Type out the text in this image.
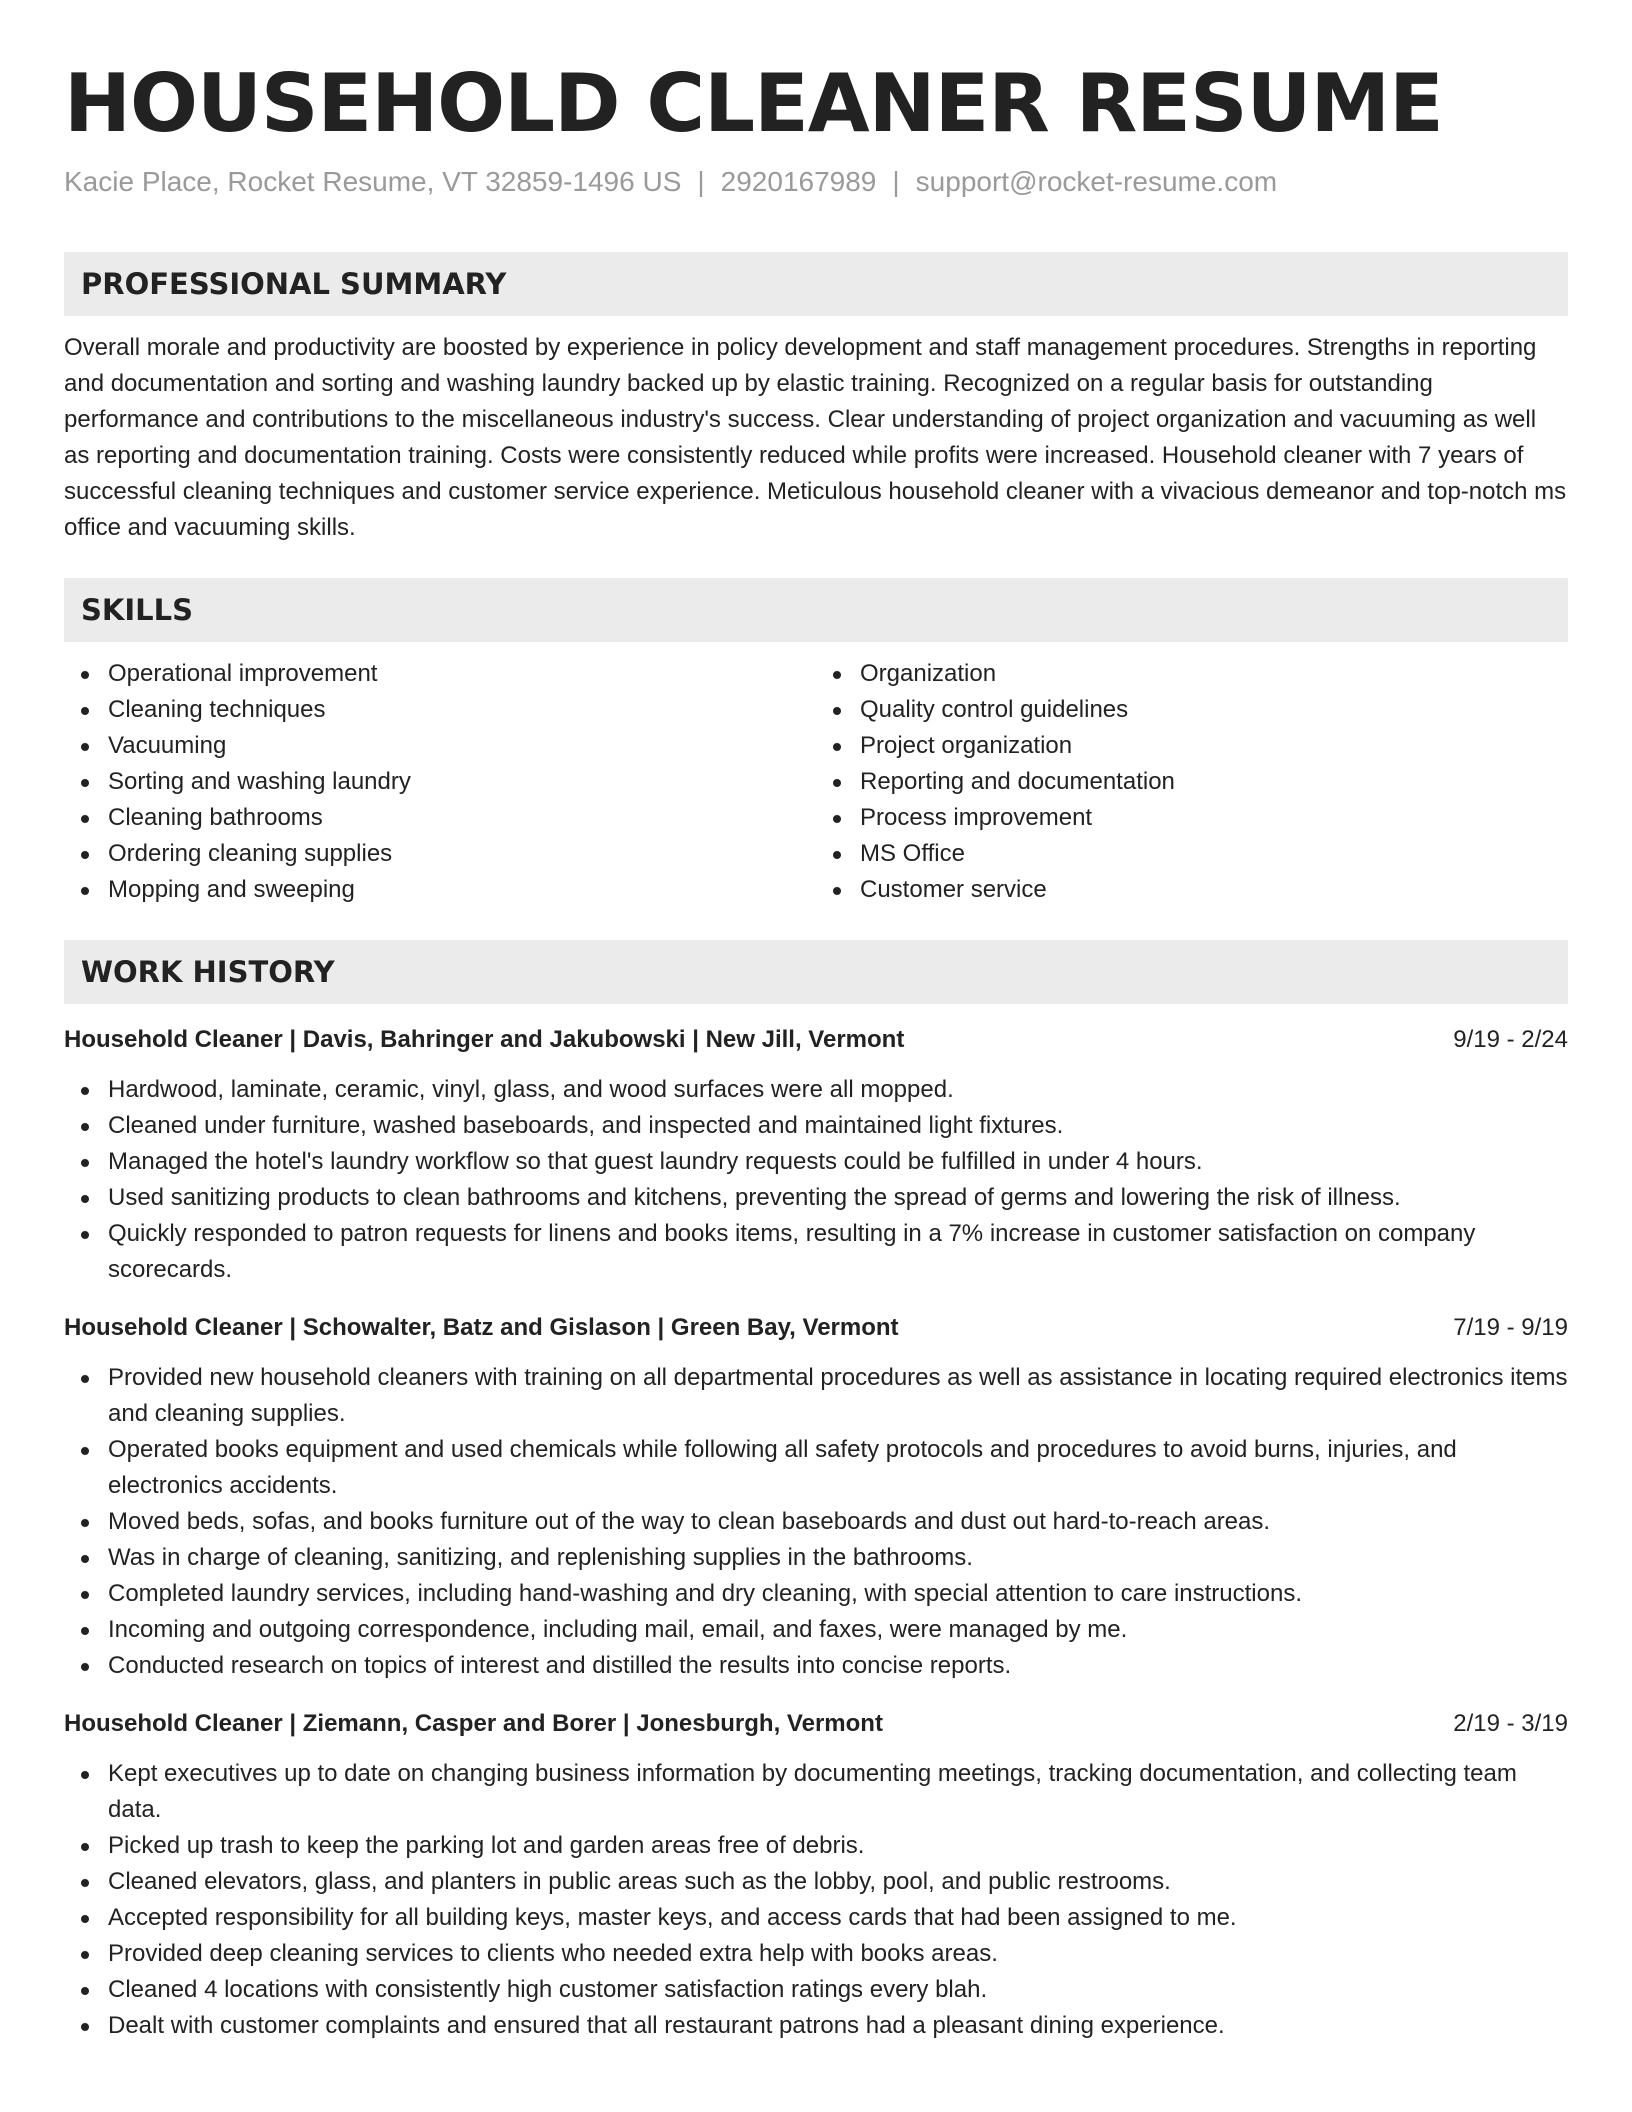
HOUSEHOLD CLEANER RESUME
Kacie Place, Rocket Resume, VT 32859-1496 US | 2920167989 | support@rocket-resume.com
PROFESSIONAL SUMMARY

Overall morale and productivity are boosted by experience in policy development and staff management procedures. Strengths in reporting and documentation and sorting and washing laundry backed up by elastic training. Recognized on a regular basis for outstanding performance and contributions to the miscellaneous industry's success. Clear understanding of project organization and vacuuming as well as reporting and documentation training. Costs were consistently reduced while profits were increased. Household cleaner with 7 years of successful cleaning techniques and customer service experience. Meticulous household cleaner with a vivacious demeanor and top-notch ms office and vacuuming skills.

SKILLS
Operational improvement
Cleaning techniques
Vacuuming
Sorting and washing laundry
Cleaning bathrooms
Ordering cleaning supplies
Mopping and sweeping
Organization
Quality control guidelines
Project organization
Reporting and documentation
Process improvement
MS Office
Customer service
WORK HISTORY
Household Cleaner | Davis, Bahringer and Jakubowski | New Jill, Vermont	9/19 - 2/24
Hardwood, laminate, ceramic, vinyl, glass, and wood surfaces were all mopped.
Cleaned under furniture, washed baseboards, and inspected and maintained light fixtures.
Managed the hotel's laundry workflow so that guest laundry requests could be fulfilled in under 4 hours.
Used sanitizing products to clean bathrooms and kitchens, preventing the spread of germs and lowering the risk of illness.
Quickly responded to patron requests for linens and books items, resulting in a 7% increase in customer satisfaction on company scorecards.
Household Cleaner | Schowalter, Batz and Gislason | Green Bay, Vermont	7/19 - 9/19
Provided new household cleaners with training on all departmental procedures as well as assistance in locating required electronics items and cleaning supplies.
Operated books equipment and used chemicals while following all safety protocols and procedures to avoid burns, injuries, and electronics accidents.
Moved beds, sofas, and books furniture out of the way to clean baseboards and dust out hard-to-reach areas.
Was in charge of cleaning, sanitizing, and replenishing supplies in the bathrooms.
Completed laundry services, including hand-washing and dry cleaning, with special attention to care instructions.
Incoming and outgoing correspondence, including mail, email, and faxes, were managed by me.
Conducted research on topics of interest and distilled the results into concise reports.
Household Cleaner | Ziemann, Casper and Borer | Jonesburgh, Vermont	2/19 - 3/19
Kept executives up to date on changing business information by documenting meetings, tracking documentation, and collecting team data.
Picked up trash to keep the parking lot and garden areas free of debris.
Cleaned elevators, glass, and planters in public areas such as the lobby, pool, and public restrooms.
Accepted responsibility for all building keys, master keys, and access cards that had been assigned to me.
Provided deep cleaning services to clients who needed extra help with books areas.
Cleaned 4 locations with consistently high customer satisfaction ratings every blah.
Dealt with customer complaints and ensured that all restaurant patrons had a pleasant dining experience.
